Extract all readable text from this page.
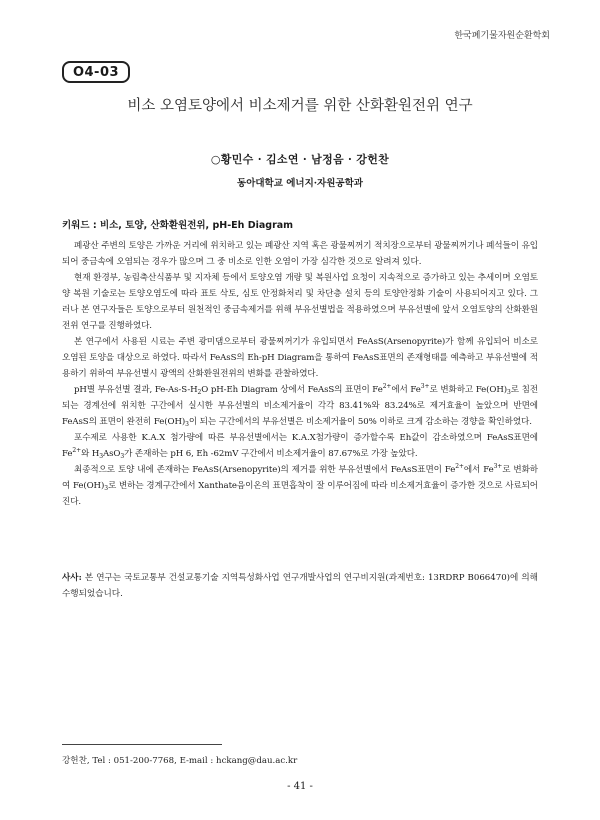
한국폐기물자원순환학회
O4-03
비소 오염토양에서 비소제거를 위한 산화환원전위 연구
○황민수 · 김소연 · 남정음 · 강헌찬
동아대학교 에너지·자원공학과
키워드 : 비소, 토양, 산화환원전위, pH-Eh Diagram

폐광산 주변의 토양은 가까운 거리에 위치하고 있는 폐광산 지역 혹은 광물찌꺼기 적치장으로부터 광물찌꺼기나 폐석들이 유입되어 중금속에 오염되는 경우가 많으며 그 중 비소로 인한 오염이 가장 심각한 것으로 알려져 있다.

현재 환경부, 농림축산식품부 및 지자체 등에서 토양오염 개량 및 복원사업 요청이 지속적으로 증가하고 있는 추세이며 오염토양 복원 기술로는 토양오염도에 따라 표토 삭토, 심토 안정화처리 및 차단층 설치 등의 토양안정화 기술이 사용되어지고 있다. 그러나 본 연구자들은 토양으로부터 원천적인 중금속제거를 위해 부유선별법을 적용하였으며 부유선별에 앞서 오염토양의 산화환원전위 연구를 진행하였다.

본 연구에서 사용된 시료는 주변 광미댐으로부터 광물찌꺼기가 유입되면서 FeAsS(Arsenopyrite)가 함께 유입되어 비소로 오염된 토양을 대상으로 하였다. 따라서 FeAsS의 Eh-pH Diagram을 통하여 FeAsS표면의 존재형태를 예측하고 부유선별에 적용하기 위하여 부유선별시 광액의 산화환원전위의 변화를 관찰하였다.

pH별 부유선별 결과, $Fe-As-S-H_2O$ pH-Eh Diagram 상에서 FeAsS의 표면이 $Fe^{2+}$에서 $Fe^{3+}$로 변화하고 $Fe(OH)_3$로 침전되는 경계선에 위치한 구간에서 실시한 부유선별의 비소제거율이 각각 83.41%와 83.24%로 제거효율이 높았으며 반면에 FeAsS의 표면이 완전히 $Fe(OH)_3$이 되는 구간에서의 부유선별은 비소제거율이 50% 이하로 크게 감소하는 경향을 확인하였다.

포수제로 사용한 K.A.X 첨가량에 따른 부유선별에서는 K.A.X첨가량이 증가할수록 Eh값이 감소하였으며 FeAsS표면에 $Fe^{2+}$와 $H_3AsO_3$가 존재하는 pH 6, Eh -62mV 구간에서 비소제거율이 87.67%로 가장 높았다.

최종적으로 토양 내에 존재하는 FeAsS(Arsenopyrite)의 제거를 위한 부유선별에서 FeAsS표면이 $Fe^{2+}$에서 $Fe^{3+}$로 변화하여 $Fe(OH)_3$로 변하는 경계구간에서 Xanthate음이온의 표면흡착이 잘 이루어짐에 따라 비소제거효율이 증가한 것으로 사료되어진다.

사사: 본 연구는 국토교통부 건설교통기술 지역특성화사업 연구개발사업의 연구비지원(과제번호: 13RDRP B066470)에 의해 수행되었습니다.
강헌찬, Tel : 051-200-7768, E-mail : hckang@dau.ac.kr
- 41 -
